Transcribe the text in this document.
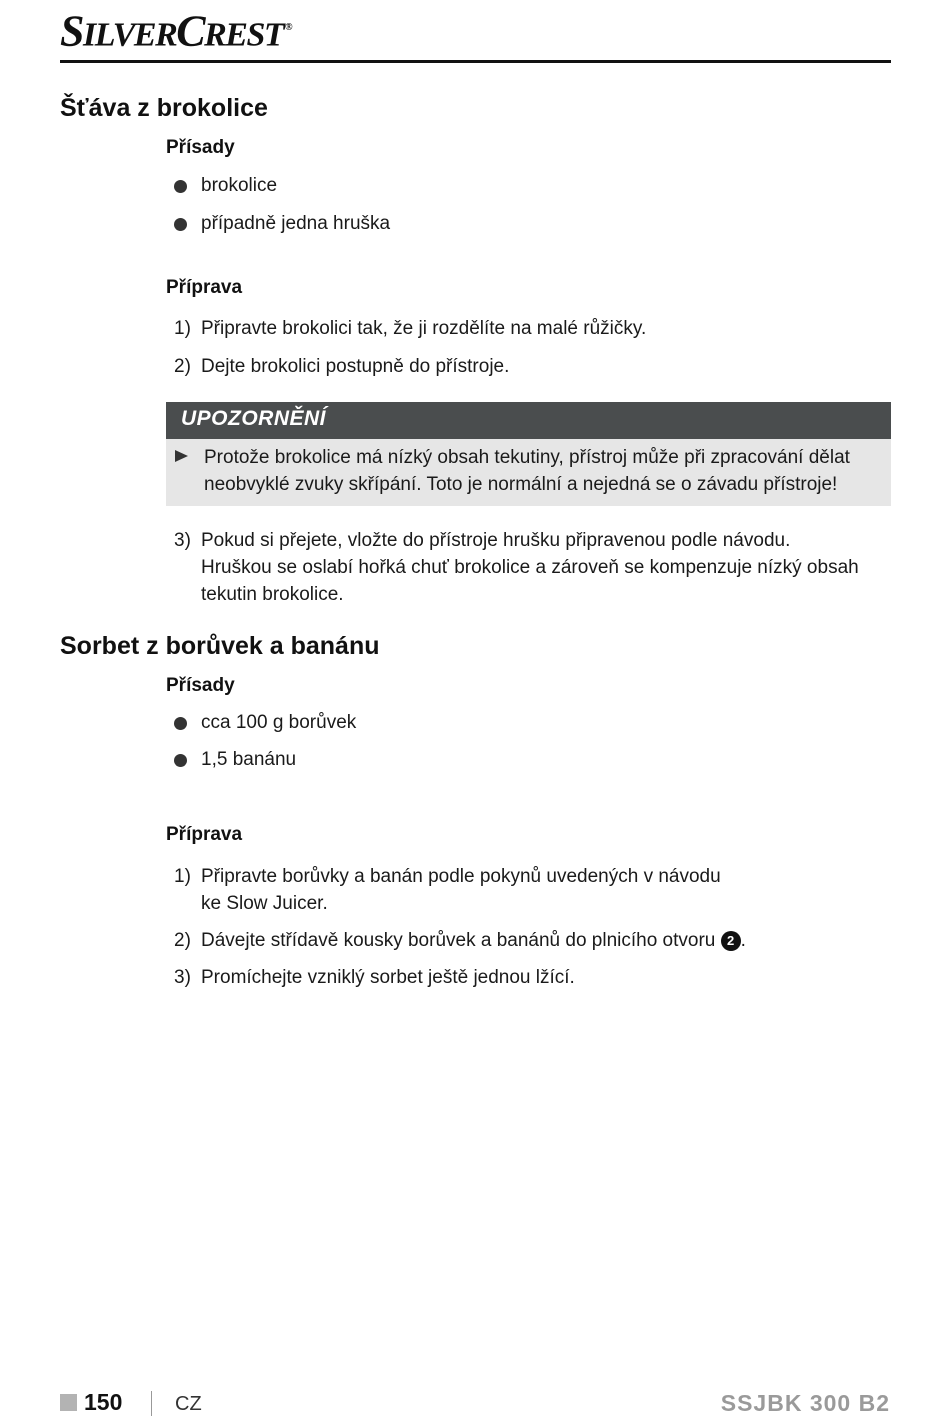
SILVERCREST ®
Šťáva z brokolice
Přísady
brokolice
případně jedna hruška
Příprava
1) Připravte brokolici tak, že ji rozdělíte na malé růžičky.
2) Dejte brokolici postupně do přístroje.
UPOZORNĚNÍ
Protože brokolice má nízký obsah tekutiny, přístroj může při zpracování dělat
neobvyklé zvuky skřípání. Toto je normální a nejedná se o závadu přístroje!
3) Pokud si přejete, vložte do přístroje hrušku připravenou podle návodu.
Hruškou se oslabí hořká chuť brokolice a zároveň se kompenzuje nízký obsah
tekutin brokolice.
Sorbet z borůvek a banánu
Přísady
cca 100 g borůvek
1,5 banánu
Příprava
1) Připravte borůvky a banán podle pokynů uvedených v návodu
ke Slow Juicer.
2) Dávejte střídavě kousky borůvek a banánů do plnicího otvoru 2 .
3) Promíchejte vzniklý sorbet ještě jednou lžící.
150	CZ	SSJBK 300 B2
